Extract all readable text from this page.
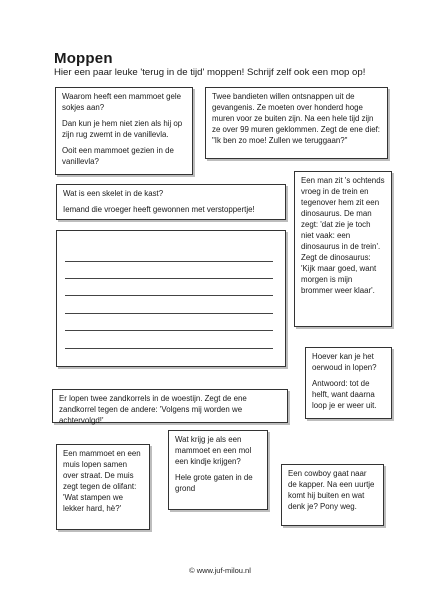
Moppen
Hier een paar leuke 'terug in de tijd' moppen! Schrijf zelf ook een mop op!

Waarom heeft een mammoet gele sokjes aan?

Dan kun je hem niet zien als hij op zijn rug zwemt in de vanillevla.

Ooit een mammoet gezien in de vanillevla?

Twee bandieten willen ontsnappen uit de gevangenis. Ze moeten over honderd hoge muren voor ze buiten zijn. Na een hele tijd zijn ze over 99 muren geklommen. Zegt de ene dief: "Ik ben zo moe! Zullen we teruggaan?"

Wat is een skelet in de kast?

Iemand die vroeger heeft gewonnen met verstoppertje!

Een man zit 's ochtends vroeg in de trein en tegenover hem zit een dinosaurus. De man zegt: 'dat zie je toch niet vaak: een dinosaurus in de trein'. Zegt de dinosaurus: 'Kijk maar goed, want morgen is mijn brommer weer klaar'.

Hoever kan je het oerwoud in lopen?

Antwoord: tot de helft, want daarna loop je er weer uit.

Er lopen twee zandkorrels in de woestijn. Zegt de ene zandkorrel tegen de andere: 'Volgens mij worden we achtervolgd!'

Een mammoet en een muis lopen samen over straat. De muis zegt tegen de olifant: 'Wat stampen we lekker hard, hè?'

Wat krijg je als een mammoet en een mol een kindje krijgen?

Hele grote gaten in de grond

Een cowboy gaat naar de kapper. Na een uurtje komt hij buiten en wat denk je? Pony weg.

© www.juf-milou.nl
